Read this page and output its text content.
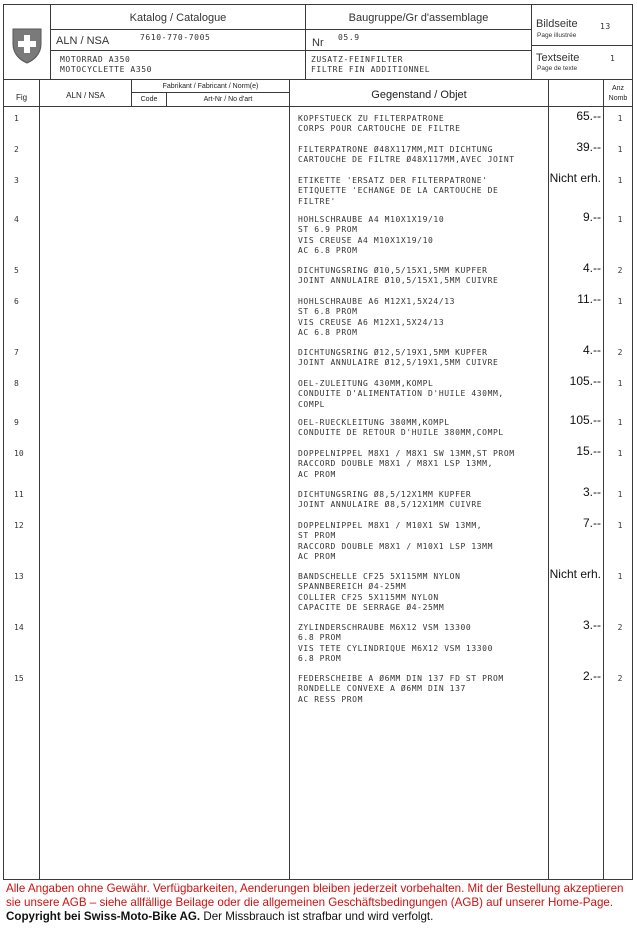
Katalog / Catalogue
ALN / NSA	7610-770-7005
MOTORRAD A350
MOTOCYCLETTE A350
Baugruppe/Gr d'assemblage
Nr 05.9
ZUSATZ-FEINFILTER
FILTRE FIN ADDITIONNEL
Bildseite
Page illustrée
13
Textseite
Page de texte
1
Fig	ALN / NSA
Fabrikant / Fabricant / Norm(e)
Code	Art-Nr / No d'art	Gegenstand / Objet
Anz
Nomb
1	KOPFSTUECK ZU FILTERPATRONE
CORPS POUR CARTOUCHE DE FILTRE
65.--	1
2	FILTERPATRONE Ø48X117MM,MIT DICHTUNG
CARTOUCHE DE FILTRE Ø48X117MM,AVEC JOINT
39.--	1
3	ETIKETTE 'ERSATZ DER FILTERPATRONE'
ETIQUETTE 'ECHANGE DE LA CARTOUCHE DE
FILTRE'
Nicht erh.	1
4	HOHLSCHRAUBE A4 M10X1X19/10
ST 6.9 PROM
VIS CREUSE A4 M10X1X19/10
AC 6.8 PROM
9.--	1
5	DICHTUNGSRING Ø10,5/15X1,5MM KUPFER
JOINT ANNULAIRE Ø10,5/15X1,5MM CUIVRE
4.--	2
6	HOHLSCHRAUBE A6 M12X1,5X24/13
ST 6.8 PROM
VIS CREUSE A6 M12X1,5X24/13
AC 6.8 PROM
11.--	1
7	DICHTUNGSRING Ø12,5/19X1,5MM KUPFER
JOINT ANNULAIRE Ø12,5/19X1,5MM CUIVRE
4.--	2
8	OEL-ZULEITUNG 430MM,KOMPL
CONDUITE D'ALIMENTATION D'HUILE 430MM,
COMPL
105.--	1
9	OEL-RUECKLEITUNG 380MM,KOMPL
CONDUITE DE RETOUR D'HUILE 380MM,COMPL
105.--	1
10	DOPPELNIPPEL M8X1 / M8X1 SW 13MM,ST PROM
RACCORD DOUBLE M8X1 / M8X1 LSP 13MM,
AC PROM
15.--	1
11	DICHTUNGSRING Ø8,5/12X1MM KUPFER
JOINT ANNULAIRE Ø8,5/12X1MM CUIVRE
3.--	1
12	DOPPELNIPPEL M8X1 / M10X1 SW 13MM,
ST PROM
RACCORD DOUBLE M8X1 / M10X1 LSP 13MM
AC PROM
7.--	1
13	BANDSCHELLE CF25 5X115MM NYLON
SPANNBEREICH Ø4-25MM
COLLIER CF25 5X115MM NYLON
CAPACITE DE SERRAGE Ø4-25MM
Nicht erh.	1
14	ZYLINDERSCHRAUBE M6X12 VSM 13300
6.8 PROM
VIS TETE CYLINDRIQUE M6X12 VSM 13300
6.8 PROM
3.--	2
15	FEDERSCHEIBE A Ø6MM DIN 137 FD ST PROM
RONDELLE CONVEXE A Ø6MM DIN 137
AC RESS PROM
2.--	2
Alle Angaben ohne Gewähr. Verfügbarkeiten, Aenderungen bleiben jederzeit vorbehalten. Mit der Bestellung akzeptieren sie unsere AGB – siehe allfällige Beilage oder die allgemeinen Geschäftsbedingungen (AGB) auf unserer Home-Page. Copyright bei Swiss-Moto-Bike AG. Der Missbrauch ist strafbar und wird verfolgt.
